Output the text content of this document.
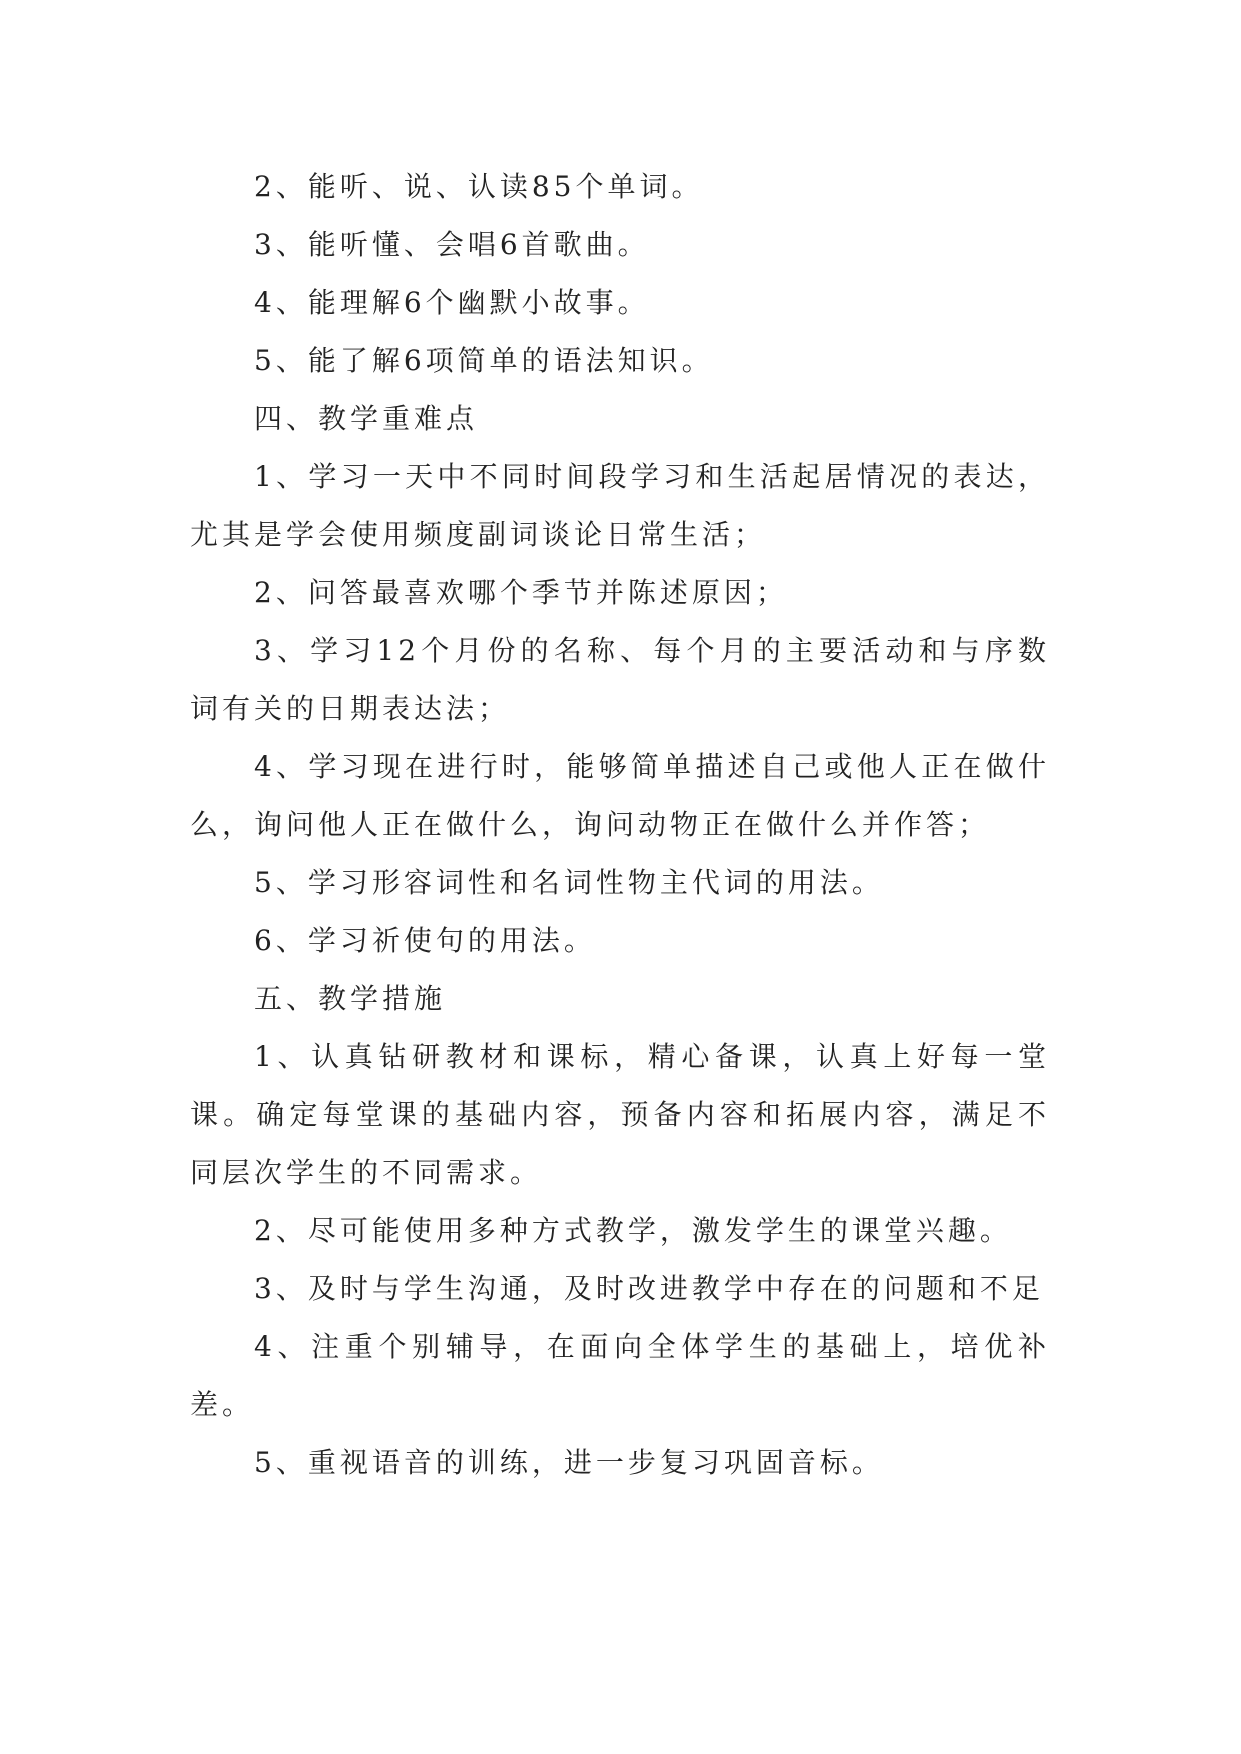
2、能听、说、认读85个单词。

3、能听懂、会唱6首歌曲。

4、能理解6个幽默小故事。

5、能了解6项简单的语法知识。

四、教学重难点

1、学习一天中不同时间段学习和生活起居情况的表达，尤其是学会使用频度副词谈论日常生活；

2、问答最喜欢哪个季节并陈述原因；

3、学习12个月份的名称、每个月的主要活动和与序数词有关的日期表达法；

4、学习现在进行时，能够简单描述自己或他人正在做什么，询问他人正在做什么，询问动物正在做什么并作答；

5、学习形容词性和名词性物主代词的用法。

6、学习祈使句的用法。

五、教学措施

1、认真钻研教材和课标，精心备课，认真上好每一堂课。确定每堂课的基础内容，预备内容和拓展内容，满足不同层次学生的不同需求。

2、尽可能使用多种方式教学，激发学生的课堂兴趣。

3、及时与学生沟通，及时改进教学中存在的问题和不足

4、注重个别辅导，在面向全体学生的基础上，培优补差。

5、重视语音的训练，进一步复习巩固音标。
